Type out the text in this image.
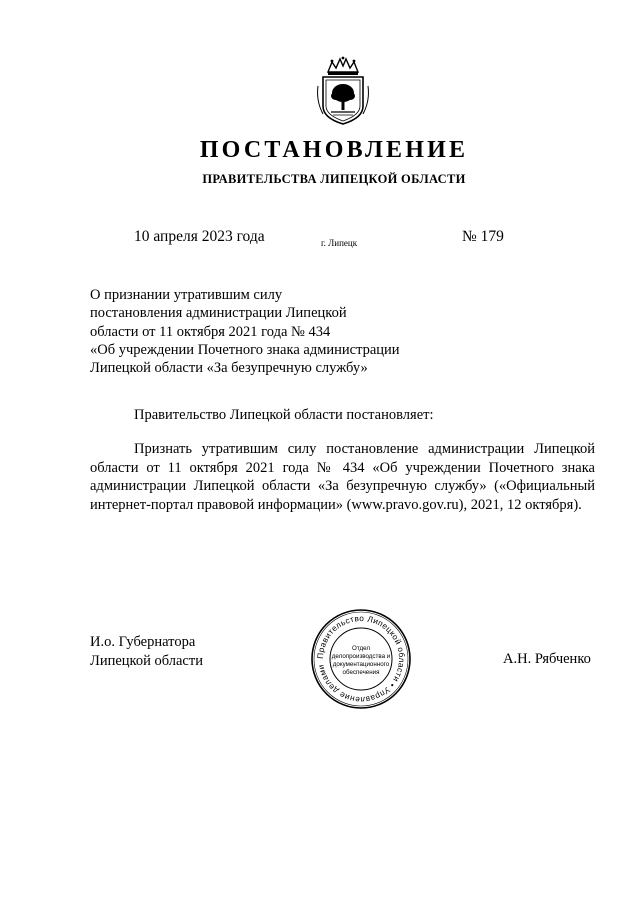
ПОСТАНОВЛЕНИЕ
ПРАВИТЕЛЬСТВА ЛИПЕЦКОЙ ОБЛАСТИ
10 апреля 2023 года	г. Липецк	№ 179
О признании утратившим силу
постановления администрации Липецкой
области от 11 октября 2021 года № 434
«Об учреждении Почетного знака администрации
Липецкой области «За безупречную службу»
Правительство Липецкой области постановляет:
Признать утратившим силу постановление администрации Липецкой области от 11 октября 2021 года № 434 «Об учреждении Почетного знака администрации Липецкой области «За безупречную службу» («Официальный интернет-портал правовой информации» (www.pravo.gov.ru), 2021, 12 октября).
И.о. Губернатора
Липецкой области	А.Н. Рябченко
Правительство Липецкой области • Управление делами
Отдел
делопроизводства и
документационного
обеспечения
